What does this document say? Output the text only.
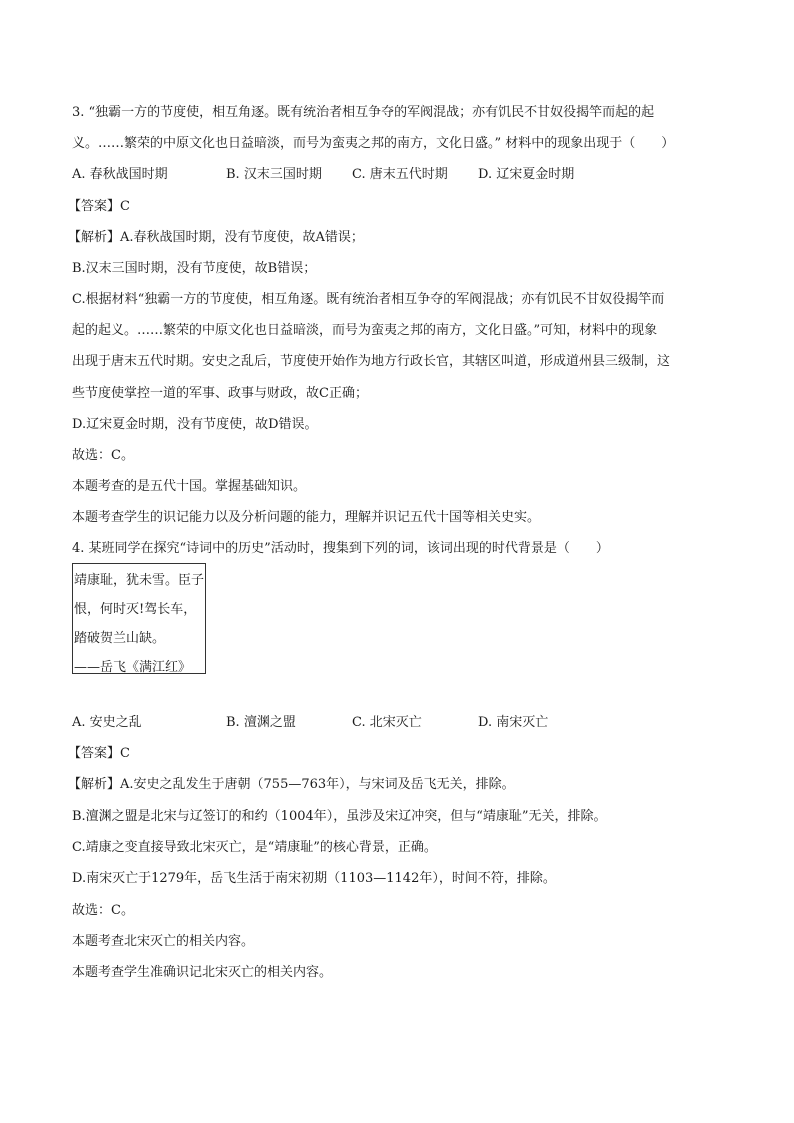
3. “独霸一方的节度使，相互角逐。既有统治者相互争夺的军阀混战；亦有饥民不甘奴役揭竿而起的起
义。……繁荣的中原文化也日益暗淡，而号为蛮夷之邦的南方，文化日盛。” 材料中的现象出现于（　　）
A. 春秋战国时期	B. 汉末三国时期 C. 唐末五代时期 D. 辽宋夏金时期
【答案】C
【解析】A.春秋战国时期，没有节度使，故A错误；
B.汉末三国时期，没有节度使，故B错误；
C.根据材料“独霸一方的节度使，相互角逐。既有统治者相互争夺的军阀混战；亦有饥民不甘奴役揭竿而
起的起义。……繁荣的中原文化也日益暗淡，而号为蛮夷之邦的南方，文化日盛。”可知，材料中的现象
出现于唐末五代时期。安史之乱后，节度使开始作为地方行政长官，其辖区叫道，形成道州县三级制，这
些节度使掌控一道的军事、政事与财政，故C正确；
D.辽宋夏金时期，没有节度使，故D错误。
故选：C。
本题考查的是五代十国。掌握基础知识。
本题考查学生的识记能力以及分析问题的能力，理解并识记五代十国等相关史实。
4. 某班同学在探究“诗词中的历史”活动时，搜集到下列的词，该词出现的时代背景是（　　）
靖康耻，犹未雪。臣子
恨，何时灭!驾长车，
踏破贺兰山缺。
——岳飞《满江红》
A. 安史之乱	B. 澶渊之盟	C. 北宋灭亡	D. 南宋灭亡
【答案】C
【解析】A.安史之乱发生于唐朝（755—763年），与宋词及岳飞无关，排除。
B.澶渊之盟是北宋与辽签订的和约（1004年），虽涉及宋辽冲突，但与“靖康耻”无关，排除。
C.靖康之变直接导致北宋灭亡，是“靖康耻”的核心背景，正确。
D.南宋灭亡于1279年，岳飞生活于南宋初期（1103—1142年），时间不符，排除。
故选：C。
本题考查北宋灭亡的相关内容。
本题考查学生准确识记北宋灭亡的相关内容。
